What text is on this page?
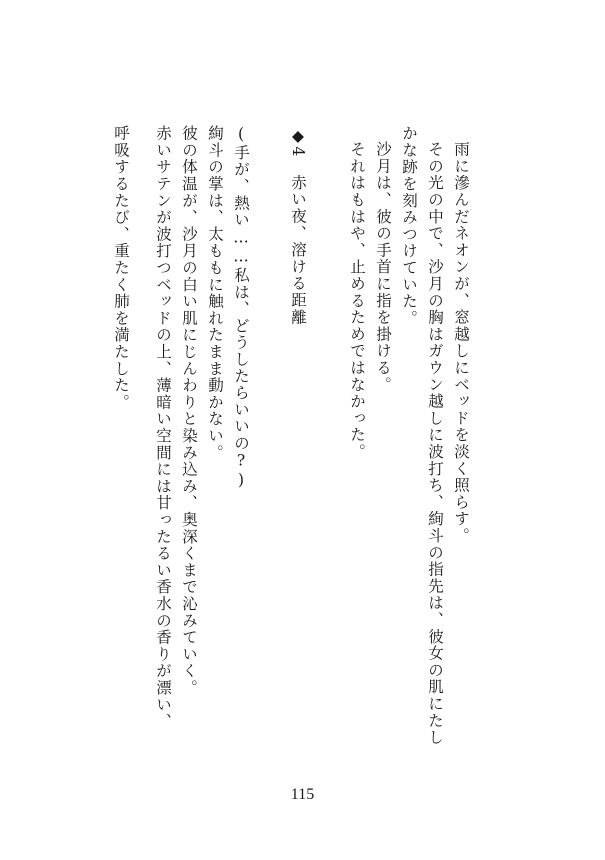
雨に滲んだネオンが、窓越しにベッドを淡く照らす。
その光の中で、沙月の胸はガウン越しに波打ち、絢斗の指先は、彼女の肌にたし
かな跡を刻みつけていた。
沙月は、彼の手首に指を掛ける。
それはもはや、止めるためではなかった。
◆4　赤い夜、溶ける距離
(手が、熱い……私は、どうしたらいいの?)
絢斗の掌は、太ももに触れたまま動かない。
彼の体温が、沙月の白い肌にじんわりと染み込み、奥深くまで沁みていく。
赤いサテンが波打つベッドの上、薄暗い空間には甘ったるい香水の香りが漂い、
呼吸するたび、重たく肺を満たした。
115
